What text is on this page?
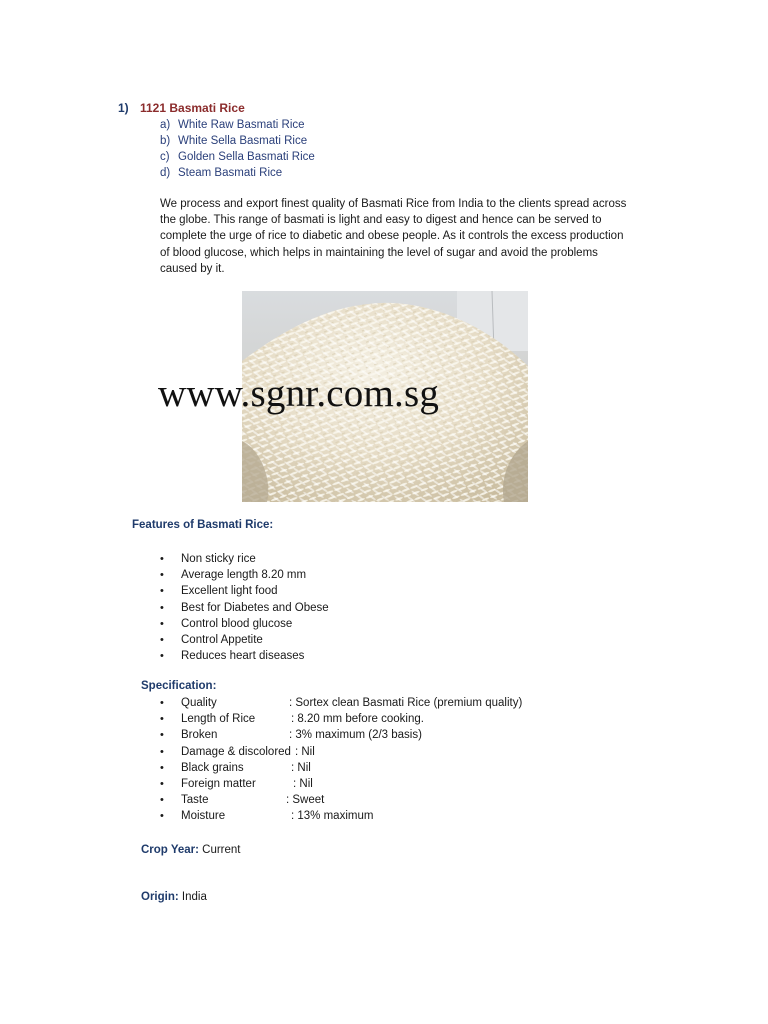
1) 1121 Basmati Rice
a) White Raw Basmati Rice
b) White Sella Basmati Rice
c) Golden Sella Basmati Rice
d) Steam Basmati Rice

We process and export finest quality of Basmati Rice from India to the clients spread across
the globe. This range of basmati is light and easy to digest and hence can be served to
complete the urge of rice to diabetic and obese people. As it controls the excess production
of blood glucose, which helps in maintaining the level of sugar and avoid the problems
caused by it.

www.sgnr.com.sg
Features of Basmati Rice:
• Non sticky rice
• Average length 8.20 mm
• Excellent light food
• Best for Diabetes and Obese
• Control blood glucose
• Control Appetite
• Reduces heart diseases
Specification:
• Quality	: Sortex clean Basmati Rice (premium quality)
• Length of Rice	: 8.20 mm before cooking.
• Broken	: 3% maximum (2/3 basis)
• Damage & discolored : Nil
• Black grains	: Nil
• Foreign matter	: Nil
• Taste	: Sweet
• Moisture	: 13% maximum
Crop Year: Current
Origin: India
